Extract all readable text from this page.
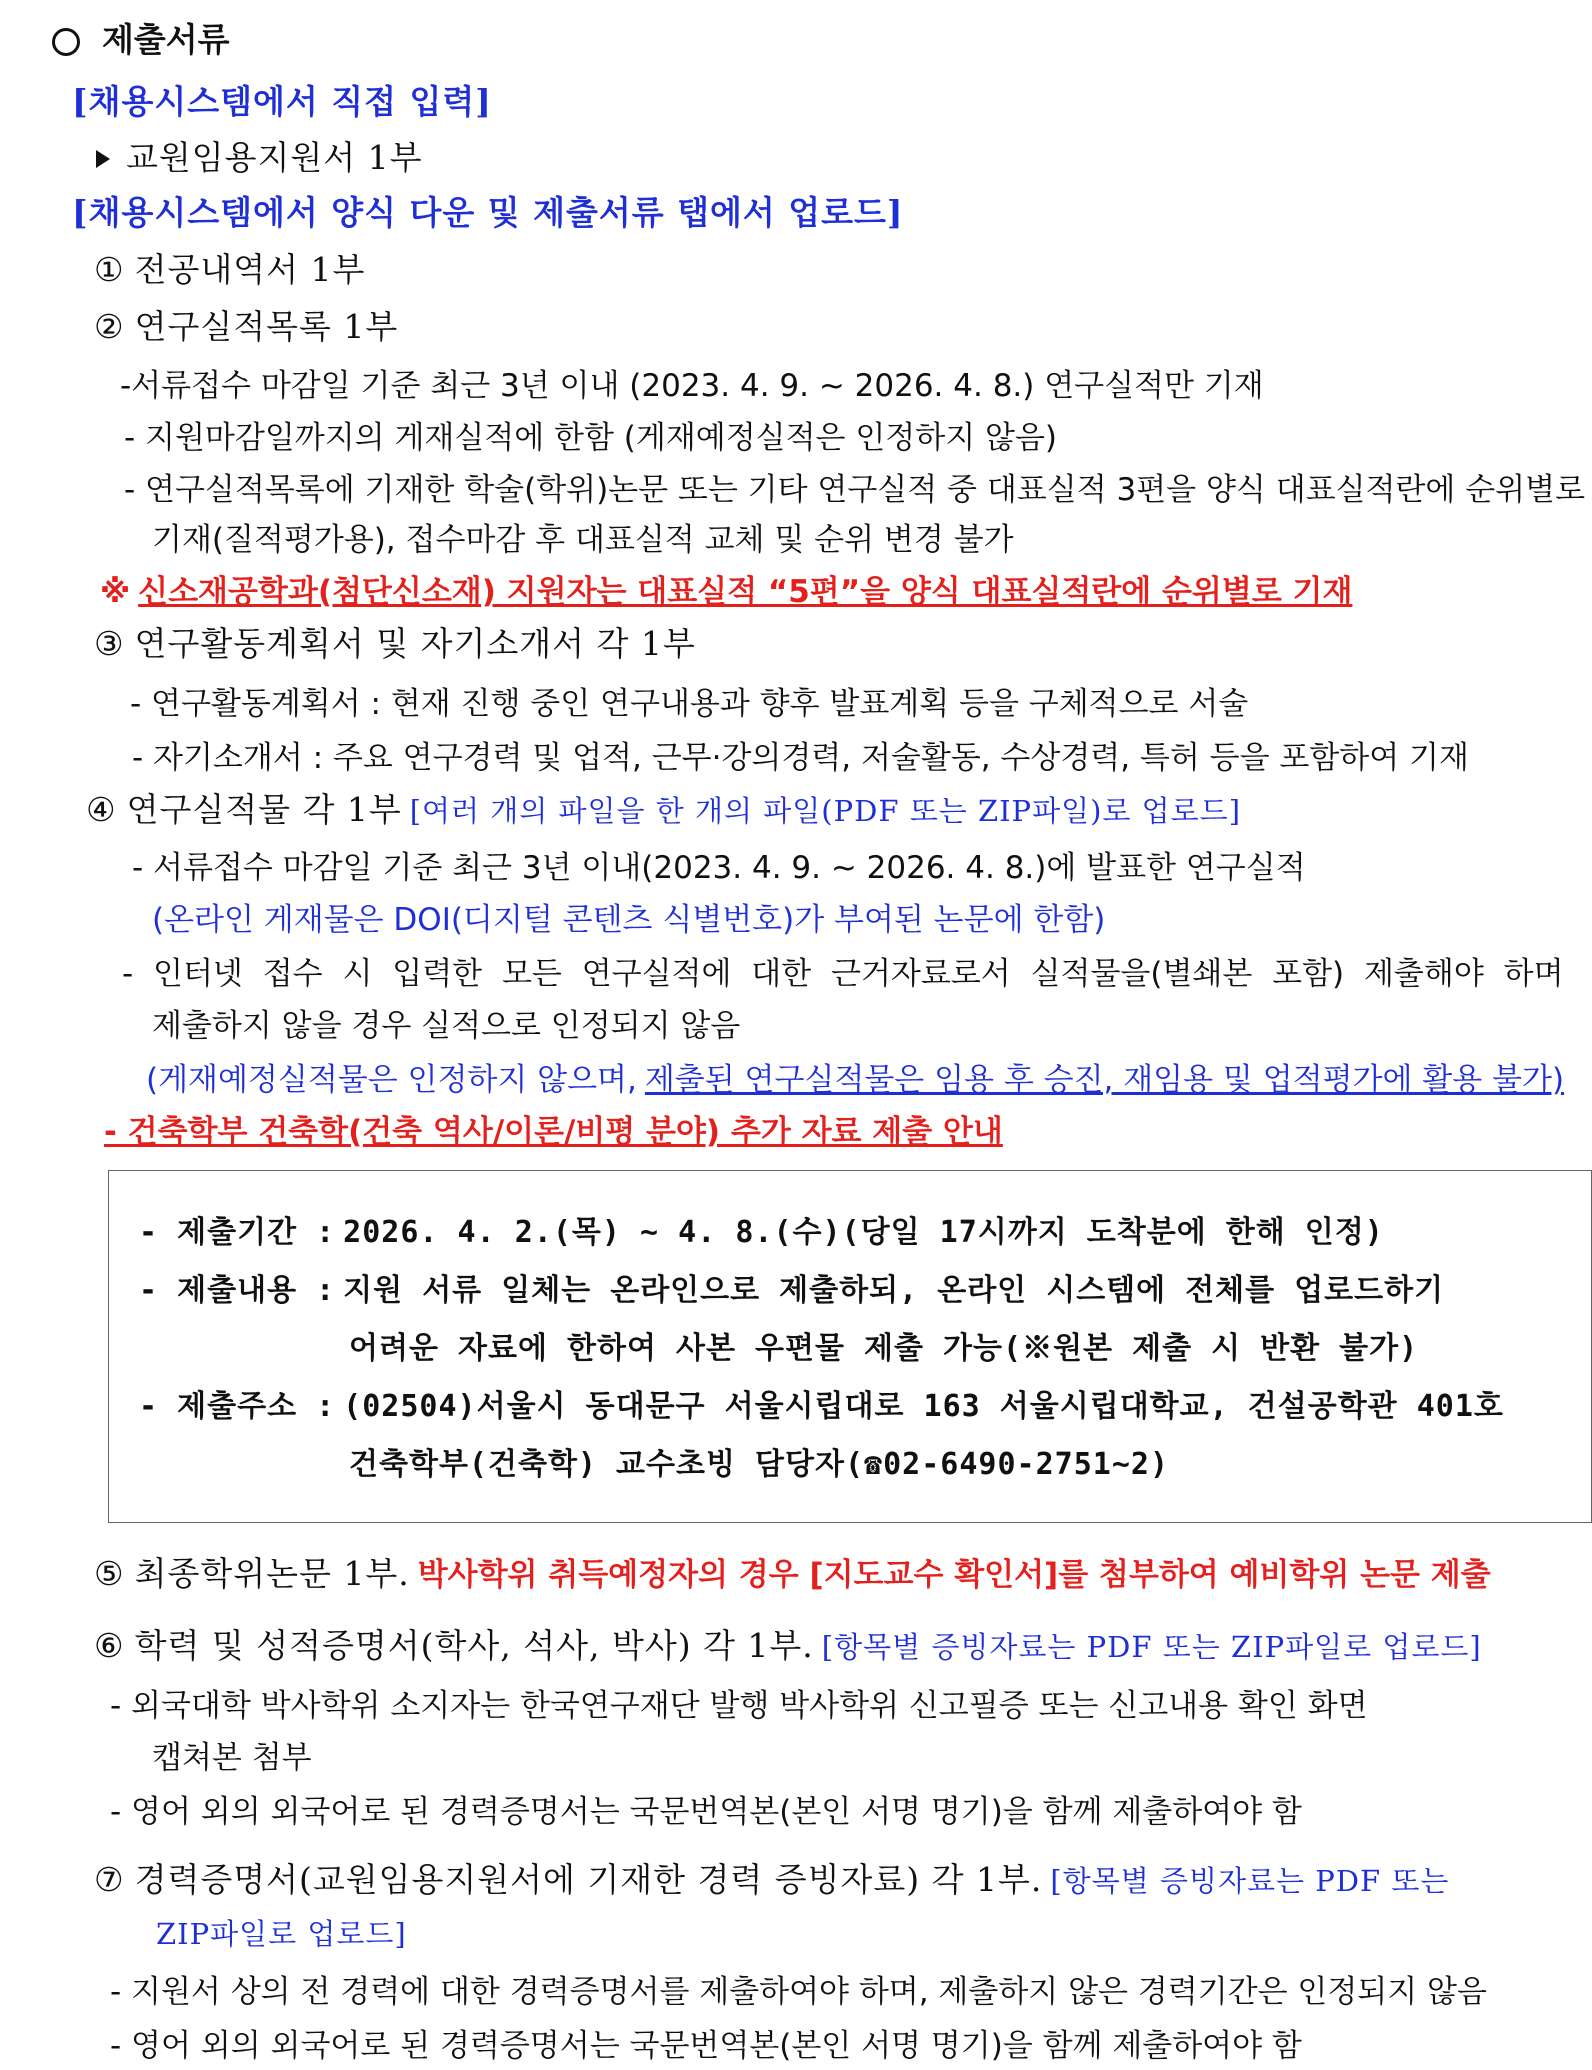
제출서류
[채용시스템에서 직접 입력]
교원임용지원서 1부
[채용시스템에서 양식 다운 및 제출서류 탭에서 업로드]
① 전공내역서 1부
② 연구실적목록 1부
-서류접수 마감일 기준 최근 3년 이내 (2023. 4. 9. ~ 2026. 4. 8.) 연구실적만 기재
- 지원마감일까지의 게재실적에 한함 (게재예정실적은 인정하지 않음)
- 연구실적목록에 기재한 학술(학위)논문 또는 기타 연구실적 중 대표실적 3편을 양식 대표실적란에 순위별로
기재(질적평가용), 접수마감 후 대표실적 교체 및 순위 변경 불가
※ 신소재공학과(첨단신소재) 지원자는 대표실적 “5편”을 양식 대표실적란에 순위별로 기재
③ 연구활동계획서 및 자기소개서 각 1부
- 연구활동계획서 : 현재 진행 중인 연구내용과 향후 발표계획 등을 구체적으로 서술
- 자기소개서 : 주요 연구경력 및 업적, 근무·강의경력, 저술활동, 수상경력, 특허 등을 포함하여 기재
④ 연구실적물 각 1부 [여러 개의 파일을 한 개의 파일(PDF 또는 ZIP파일)로 업로드]
- 서류접수 마감일 기준 최근 3년 이내(2023. 4. 9. ~ 2026. 4. 8.)에 발표한 연구실적
(온라인 게재물은 DOI(디지털 콘텐츠 식별번호)가 부여된 논문에 한함)
- 인터넷 접수 시 입력한 모든 연구실적에 대한 근거자료로서 실적물을(별쇄본 포함) 제출해야 하며
제출하지 않을 경우 실적으로 인정되지 않음
(게재예정실적물은 인정하지 않으며, 제출된 연구실적물은 임용 후 승진, 재임용 및 업적평가에 활용 불가)
- 건축학부 건축학(건축 역사/이론/비평 분야) 추가 자료 제출 안내
- 제출기간 : 2026. 4. 2.(목) ~ 4. 8.(수)(당일 17시까지 도착분에 한해 인정)
- 제출내용 : 지원 서류 일체는 온라인으로 제출하되, 온라인 시스템에 전체를 업로드하기
어려운 자료에 한하여 사본 우편물 제출 가능(※원본 제출 시 반환 불가)
- 제출주소 : (02504)서울시 동대문구 서울시립대로 163 서울시립대학교, 건설공학관 401호
건축학부(건축학) 교수초빙 담당자(☎02-6490-2751~2)
⑤ 최종학위논문 1부. 박사학위 취득예정자의 경우 [지도교수 확인서]를 첨부하여 예비학위 논문 제출
⑥ 학력 및 성적증명서(학사, 석사, 박사) 각 1부. [항목별 증빙자료는 PDF 또는 ZIP파일로 업로드]
- 외국대학 박사학위 소지자는 한국연구재단 발행 박사학위 신고필증 또는 신고내용 확인 화면
캡쳐본 첨부
- 영어 외의 외국어로 된 경력증명서는 국문번역본(본인 서명 명기)을 함께 제출하여야 함
⑦ 경력증명서(교원임용지원서에 기재한 경력 증빙자료) 각 1부. [항목별 증빙자료는 PDF 또는
ZIP파일로 업로드]
- 지원서 상의 전 경력에 대한 경력증명서를 제출하여야 하며, 제출하지 않은 경력기간은 인정되지 않음
- 영어 외의 외국어로 된 경력증명서는 국문번역본(본인 서명 명기)을 함께 제출하여야 함
